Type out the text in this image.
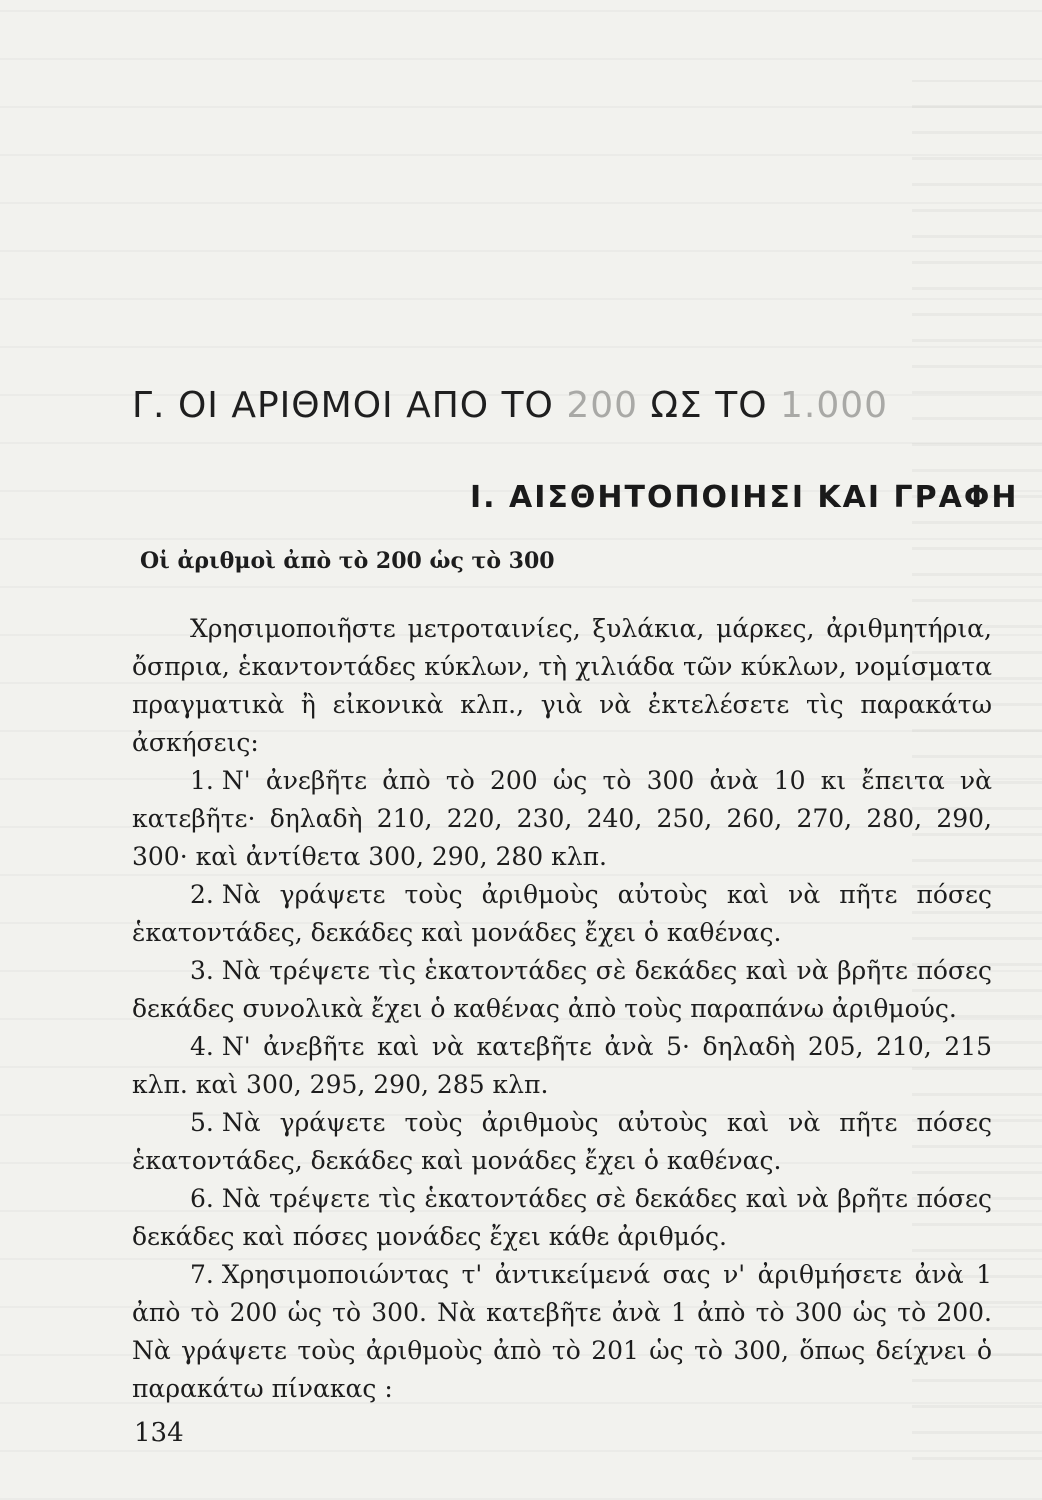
Γ. ΟΙ ΑΡΙΘΜΟΙ ΑΠΟ ΤΟ 200 ΩΣ ΤΟ 1.000
Ι. ΑΙΣΘΗΤΟΠΟΙΗΣΙ ΚΑΙ ΓΡΑΦΗ
Οἱ ἀριθμοὶ ἀπὸ τὸ 200 ὡς τὸ 300

Χρησιμοποιῆστε μετροταινίες, ξυλάκια, μάρκες, ἀριθμητήρια, ὄσπρια, ἑκαντοντάδες κύκλων, τὴ χιλιάδα τῶν κύκλων, νομίσματα πραγματικὰ ἢ εἰκονικὰ κλπ., γιὰ νὰ ἐκτελέσετε τὶς παρακάτω ἀσκήσεις:

1. Ν' ἀνεβῆτε ἀπὸ τὸ 200 ὡς τὸ 300 ἀνὰ 10 κι ἔπειτα νὰ κατεβῆτε· δηλαδὴ 210, 220, 230, 240, 250, 260, 270, 280, 290, 300· καὶ ἀντίθετα 300, 290, 280 κλπ.

2. Νὰ γράψετε τοὺς ἀριθμοὺς αὐτοὺς καὶ νὰ πῆτε πόσες ἑκατοντάδες, δεκάδες καὶ μονάδες ἔχει ὁ καθένας.

3. Νὰ τρέψετε τὶς ἑκατοντάδες σὲ δεκάδες καὶ νὰ βρῆτε πόσες δεκάδες συνολικὰ ἔχει ὁ καθένας ἀπὸ τοὺς παραπάνω ἀριθμούς.

4. Ν' ἀνεβῆτε καὶ νὰ κατεβῆτε ἀνὰ 5· δηλαδὴ 205, 210, 215 κλπ. καὶ 300, 295, 290, 285 κλπ.

5. Νὰ γράψετε τοὺς ἀριθμοὺς αὐτοὺς καὶ νὰ πῆτε πόσες ἑκατοντάδες, δεκάδες καὶ μονάδες ἔχει ὁ καθένας.

6. Νὰ τρέψετε τὶς ἑκατοντάδες σὲ δεκάδες καὶ νὰ βρῆτε πόσες δεκάδες καὶ πόσες μονάδες ἔχει κάθε ἀριθμός.

7. Χρησιμοποιώντας τ' ἀντικείμενά σας ν' ἀριθμήσετε ἀνὰ 1 ἀπὸ τὸ 200 ὡς τὸ 300. Νὰ κατεβῆτε ἀνὰ 1 ἀπὸ τὸ 300 ὡς τὸ 200. Νὰ γράψετε τοὺς ἀριθμοὺς ἀπὸ τὸ 201 ὡς τὸ 300, ὅπως δείχνει ὁ παρακάτω πίνακας :

134
